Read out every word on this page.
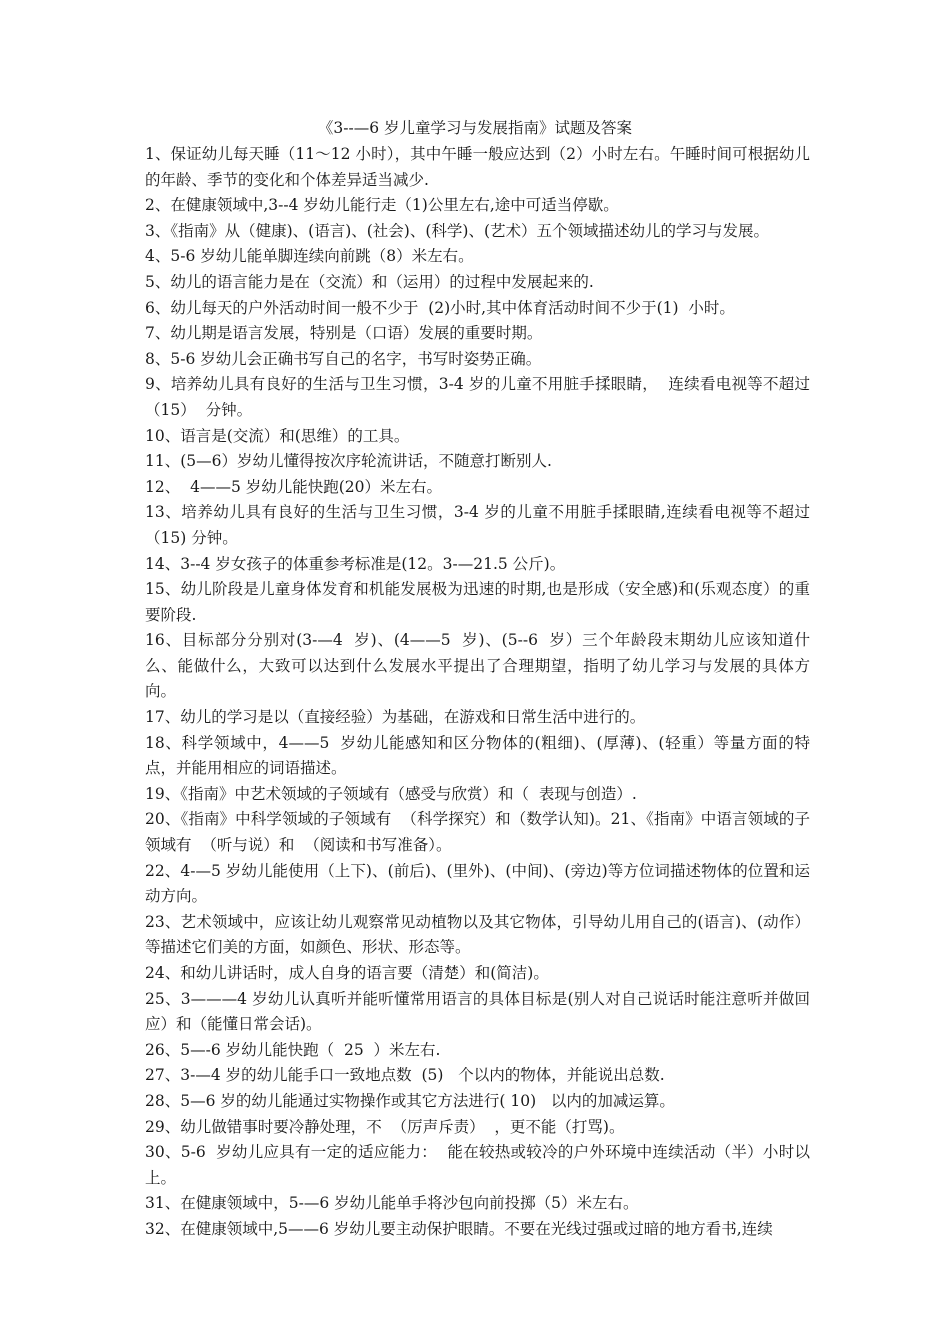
《3--—6 岁儿童学习与发展指南》试题及答案

1、保证幼儿每天睡（11～12 小时），其中午睡一般应达到（2）小时左右。午睡时间可根据幼儿的年龄、季节的变化和个体差异适当减少.

2、在健康领域中,3--4 岁幼儿能行走（1)公里左右,途中可适当停歇。

3、《指南》从（健康)、(语言)、(社会)、(科学)、(艺术）五个领域描述幼儿的学习与发展。

4、5-6 岁幼儿能单脚连续向前跳（8）米左右。

5、幼儿的语言能力是在（交流）和（运用）的过程中发展起来的.

6、幼儿每天的户外活动时间一般不少于  (2)小时,其中体育活动时间不少于(1)  小时。

7、幼儿期是语言发展，特别是（口语）发展的重要时期。

8、5-6 岁幼儿会正确书写自己的名字，书写时姿势正确。

9、培养幼儿具有良好的生活与卫生习惯，3-4 岁的儿童不用脏手揉眼睛，  连续看电视等不超过（15）  分钟。

10、语言是(交流）和(思维）的工具。

11、(5—6）岁幼儿懂得按次序轮流讲话，不随意打断别人.

12、  4——5 岁幼儿能快跑(20）米左右。

13、培养幼儿具有良好的生活与卫生习惯，3-4 岁的儿童不用脏手揉眼睛,连续看电视等不超过（15) 分钟。

14、3--4 岁女孩子的体重参考标准是(12。3-—21.5 公斤)。

15、幼儿阶段是儿童身体发育和机能发展极为迅速的时期,也是形成（安全感)和(乐观态度）的重要阶段.

16、目标部分分别对(3-—4  岁)、(4——5  岁)、(5--6  岁）三个年龄段末期幼儿应该知道什么、能做什么，大致可以达到什么发展水平提出了合理期望，指明了幼儿学习与发展的具体方向。

17、幼儿的学习是以（直接经验）为基础，在游戏和日常生活中进行的。

18、科学领域中，4——5  岁幼儿能感知和区分物体的(粗细)、(厚薄)、(轻重）等量方面的特点，并能用相应的词语描述。

19、《指南》中艺术领域的子领域有（感受与欣赏）和（  表现与创造）.

20、《指南》中科学领域的子领域有  （科学探究）和（数学认知)。21、《指南》中语言领域的子领域有  （听与说）和  （阅读和书写准备）。

22、4-—5 岁幼儿能使用（上下)、(前后)、(里外)、(中间)、(旁边)等方位词描述物体的位置和运动方向。

23、艺术领域中，应该让幼儿观察常见动植物以及其它物体，引导幼儿用自己的(语言)、(动作）等描述它们美的方面，如颜色、形状、形态等。

24、和幼儿讲话时，成人自身的语言要（清楚）和(简洁)。

25、3———4 岁幼儿认真听并能听懂常用语言的具体目标是(别人对自己说话时能注意听并做回应）和（能懂日常会话)。

26、5—-6 岁幼儿能快跑（  25  ）米左右.

27、3-—4 岁的幼儿能手口一致地点数  (5)   个以内的物体，并能说出总数.

28、5—6 岁的幼儿能通过实物操作或其它方法进行( 10)   以内的加减运算。

29、幼儿做错事时要冷静处理，不  （厉声斥责）  ，更不能（打骂)。

30、5-6  岁幼儿应具有一定的适应能力：  能在较热或较冷的户外环境中连续活动（半）小时以上。

31、在健康领域中，5-—6 岁幼儿能单手将沙包向前投掷（5）米左右。

32、在健康领域中,5——6 岁幼儿要主动保护眼睛。不要在光线过强或过暗的地方看书,连续
